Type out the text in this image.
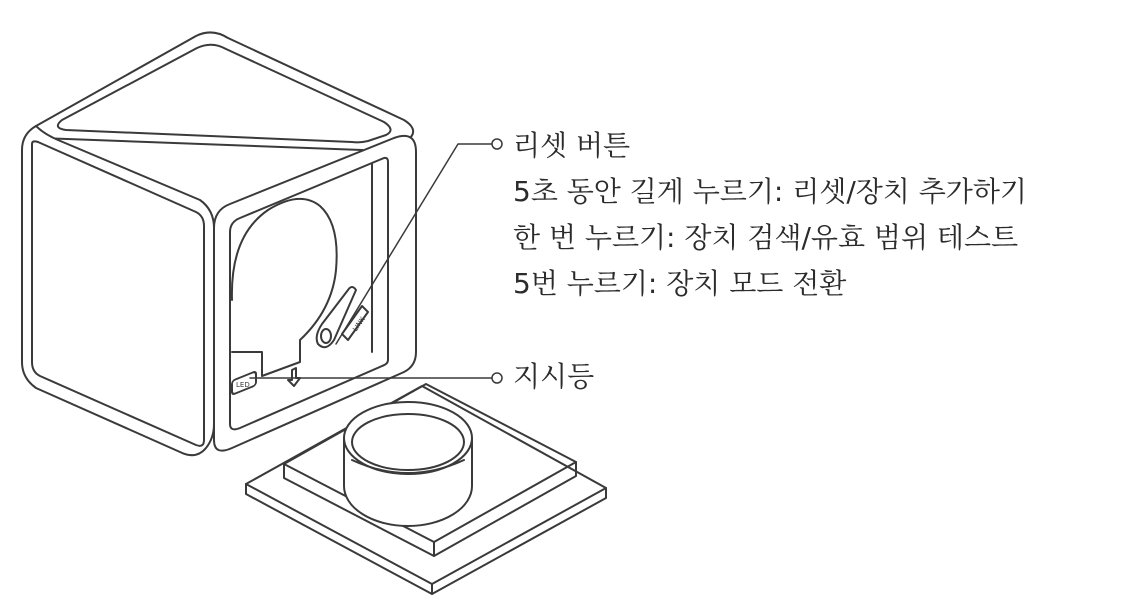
LINK
LED
리셋 버튼
5초 동안 길게 누르기: 리셋/장치 추가하기
한 번 누르기: 장치 검색/유효 범위 테스트
5번 누르기: 장치 모드 전환
지시등
